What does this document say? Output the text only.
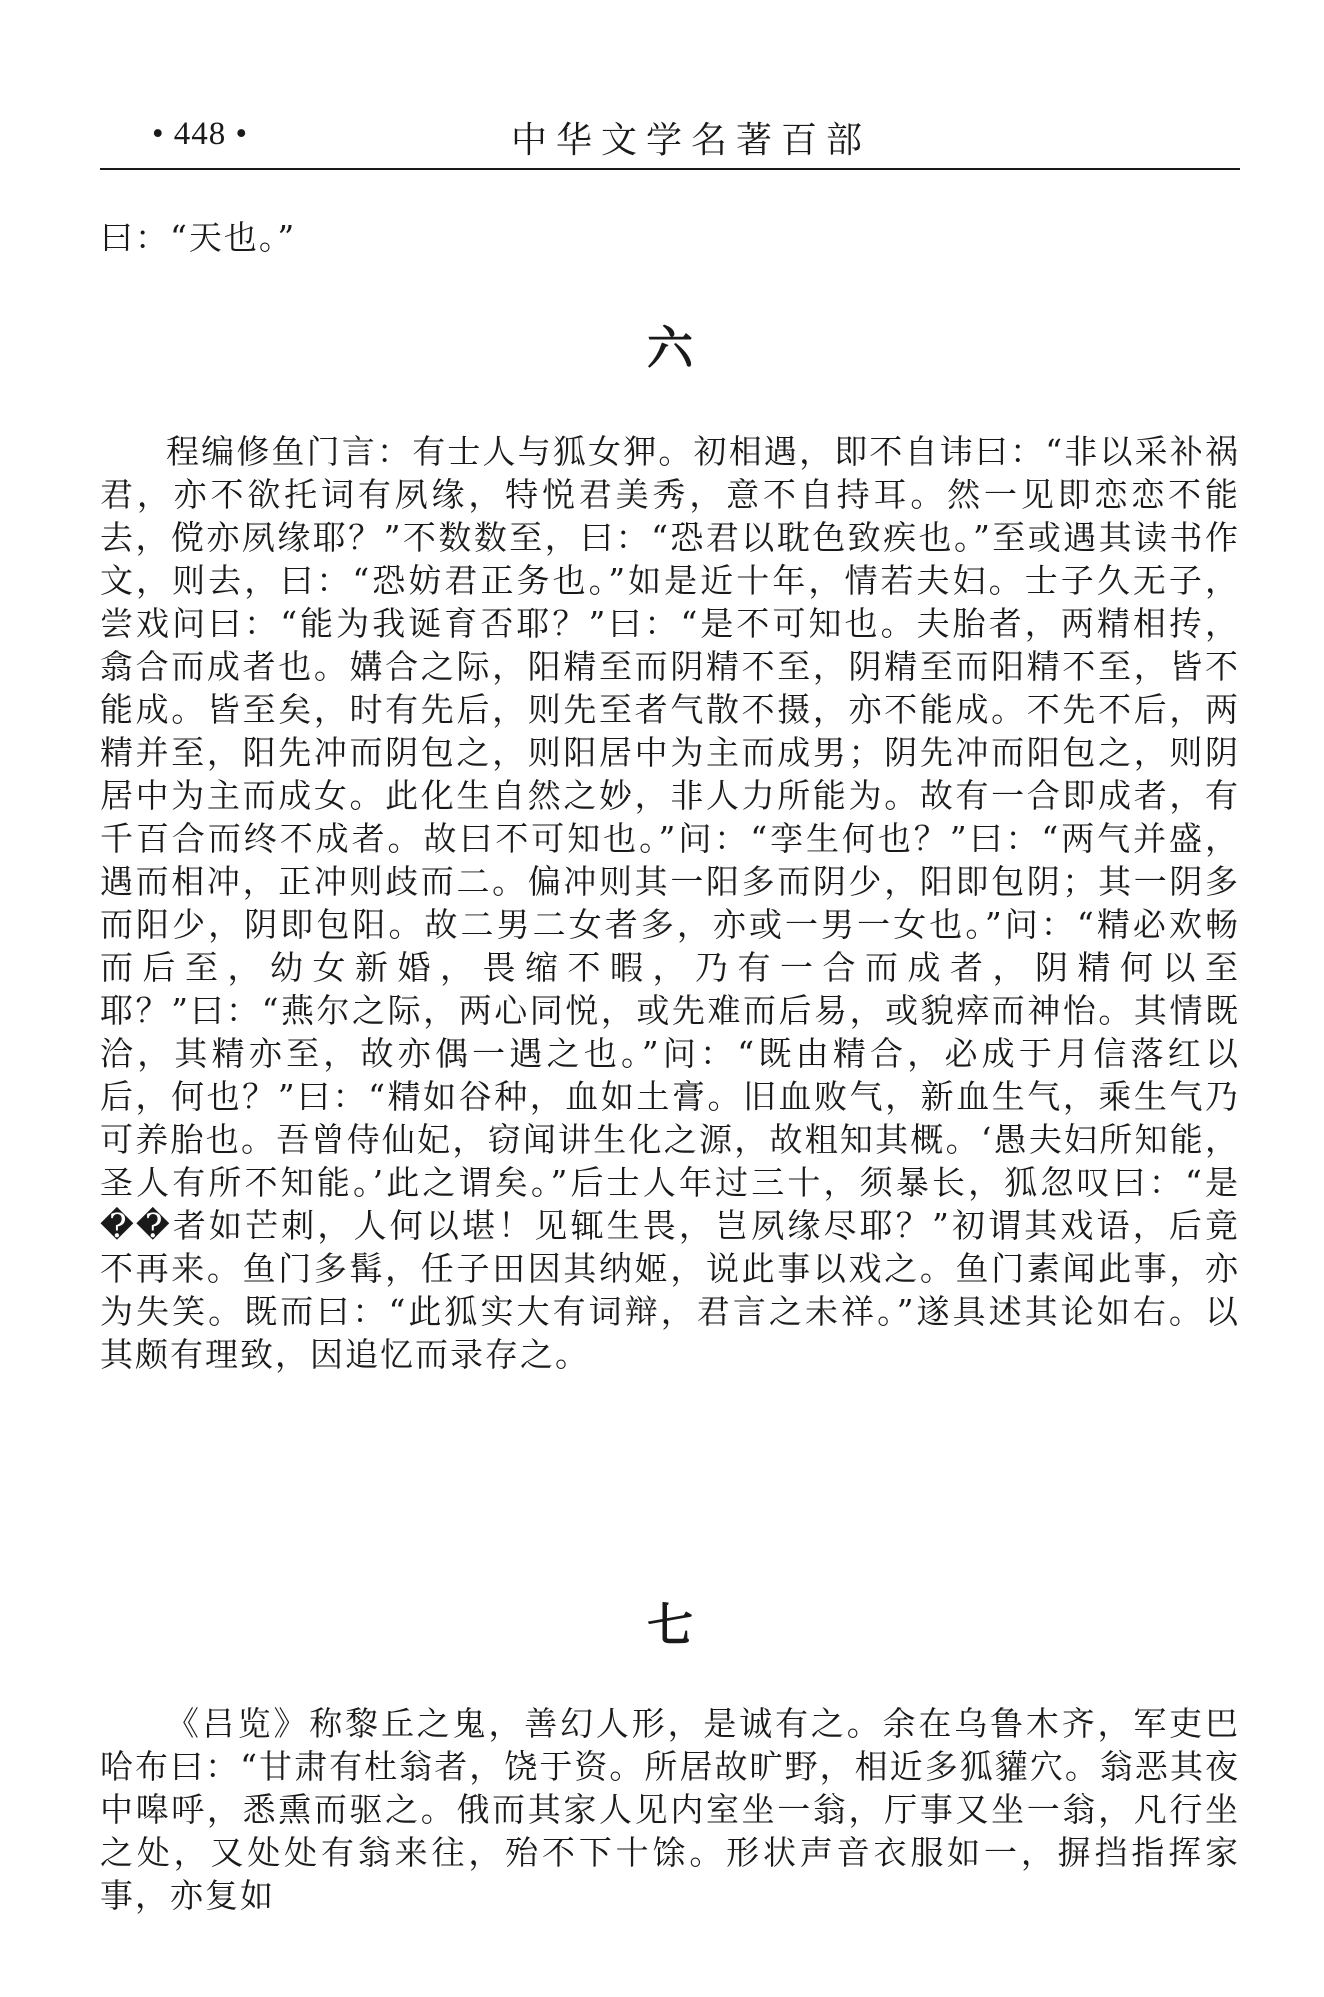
• 448 •	中华文学名著百部

曰：“天也。”

六

程编修鱼门言：有士人与狐女狎。初相遇，即不自讳曰：“非以采补祸君，亦不欲托词有夙缘，特悦君美秀，意不自持耳。然一见即恋恋不能去，傥亦夙缘耶？”不数数至，曰：“恐君以耽色致疾也。”至或遇其读书作文，则去，曰：“恐妨君正务也。”如是近十年，情若夫妇。士子久无子，尝戏问曰：“能为我诞育否耶？”曰：“是不可知也。夫胎者，两精相抟，翕合而成者也。媾合之际，阳精至而阴精不至，阴精至而阳精不至，皆不能成。皆至矣，时有先后，则先至者气散不摄，亦不能成。不先不后，两精并至，阳先冲而阴包之，则阳居中为主而成男；阴先冲而阳包之，则阴居中为主而成女。此化生自然之妙，非人力所能为。故有一合即成者，有千百合而终不成者。故曰不可知也。”问：“孪生何也？”曰：“两气并盛，遇而相冲，正冲则歧而二。偏冲则其一阳多而阴少，阳即包阴；其一阴多而阳少，阴即包阳。故二男二女者多，亦或一男一女也。”问：“精必欢畅而后至，幼女新婚，畏缩不暇，乃有一合而成者，阴精何以至耶？”曰：“燕尔之际，两心同悦，或先难而后易，或貌瘁而神怡。其情既洽，其精亦至，故亦偶一遇之也。”问：“既由精合，必成于月信落红以后，何也？”曰：“精如谷种，血如土膏。旧血败气，新血生气，乘生气乃可养胎也。吾曾侍仙妃，窃闻讲生化之源，故粗知其概。‘愚夫妇所知能，圣人有所不知能。’此之谓矣。”后士人年过三十，须暴长，狐忽叹曰：“是��者如芒刺，人何以堪！见辄生畏，岂夙缘尽耶？”初谓其戏语，后竟不再来。鱼门多髯，任子田因其纳姬，说此事以戏之。鱼门素闻此事，亦为失笑。既而曰：“此狐实大有词辩，君言之未祥。”遂具述其论如右。以其颇有理致，因追忆而录存之。

七

《吕览》称黎丘之鬼，善幻人形，是诚有之。余在乌鲁木齐，军吏巴哈布曰：“甘肃有杜翁者，饶于资。所居故旷野，相近多狐貛穴。翁恶其夜中嗥呼，悉熏而驱之。俄而其家人见内室坐一翁，厅事又坐一翁，凡行坐之处，又处处有翁来往，殆不下十馀。形状声音衣服如一，摒挡指挥家事，亦复如
